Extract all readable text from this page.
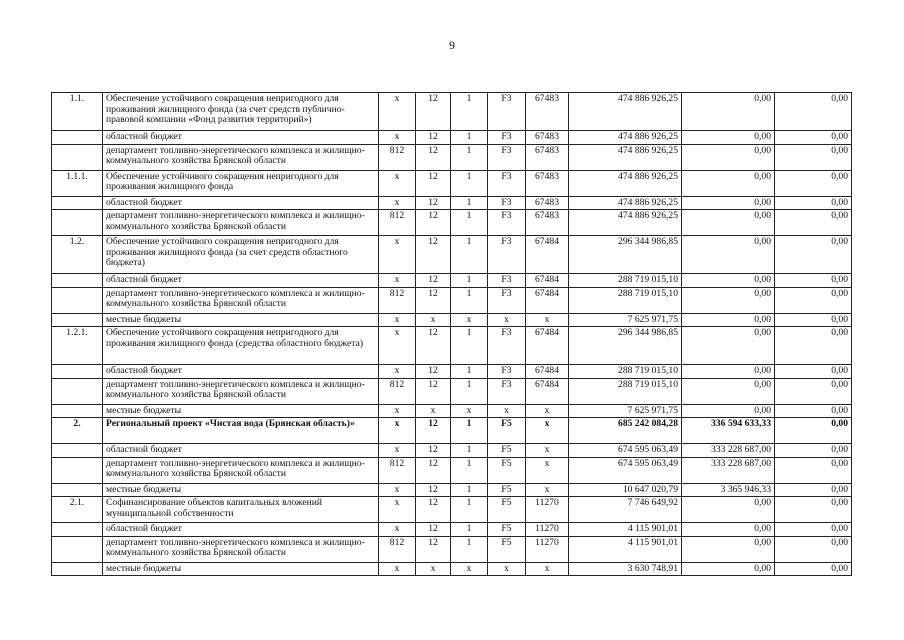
9
1.1.	Обеспечение устойчивого сокращения непригодного для проживания жилищного фонда (за счет средств публично-правовой компании «Фонд развития территорий»)	х	12	1	F3	67483	474 886 926,25	0,00	0,00
	областной бюджет	х	12	1	F3	67483	474 886 926,25	0,00	0,00
	департамент топливно-энергетического комплекса и жилищно-коммунального хозяйства Брянской области	812	12	1	F3	67483	474 886 926,25	0,00	0,00
1.1.1.	Обеспечение устойчивого сокращения непригодного для проживания жилищного фонда	х	12	1	F3	67483	474 886 926,25	0,00	0,00
	областной бюджет	х	12	1	F3	67483	474 886 926,25	0,00	0,00
	департамент топливно-энергетического комплекса и жилищно-коммунального хозяйства Брянской области	812	12	1	F3	67483	474 886 926,25	0,00	0,00
1.2.	Обеспечение устойчивого сокращения непригодного для проживания жилищного фонда (за счет средств областного бюджета)	х	12	1	F3	67484	296 344 986,85	0,00	0,00
	областной бюджет	х	12	1	F3	67484	288 719 015,10	0,00	0,00
	департамент топливно-энергетического комплекса и жилищно-коммунального хозяйства Брянской области	812	12	1	F3	67484	288 719 015,10	0,00	0,00
	местные бюджеты	х	х	х	х	х	7 625 971,75	0,00	0,00
1.2.1.	Обеспечение устойчивого сокращения непригодного для проживания жилищного фонда (средства областного бюджета)	х	12	1	F3	67484	296 344 986,85	0,00	0,00
	областной бюджет	х	12	1	F3	67484	288 719 015,10	0,00	0,00
	департамент топливно-энергетического комплекса и жилищно-коммунального хозяйства Брянской области	812	12	1	F3	67484	288 719 015,10	0,00	0,00
	местные бюджеты	х	х	х	х	х	7 625 971,75	0,00	0,00
2.	Региональный проект «Чистая вода (Брянская область)»	х	12	1	F5	х	685 242 084,28	336 594 633,33	0,00
	областной бюджет	х	12	1	F5	х	674 595 063,49	333 228 687,00	0,00
	департамент топливно-энергетического комплекса и жилищно-коммунального хозяйства Брянской области	812	12	1	F5	х	674 595 063,49	333 228 687,00	0,00
	местные бюджеты	х	12	1	F5	х	10 647 020,79	3 365 946,33	0,00
2.1.	Софинансирование объектов капитальных вложений муниципальной собственности	х	12	1	F5	11270	7 746 649,92	0,00	0,00
	областной бюджет	х	12	1	F5	11270	4 115 901,01	0,00	0,00
	департамент топливно-энергетического комплекса и жилищно-коммунального хозяйства Брянской области	812	12	1	F5	11270	4 115 901,01	0,00	0,00
	местные бюджеты	х	х	х	х	х	3 630 748,91	0,00	0,00
